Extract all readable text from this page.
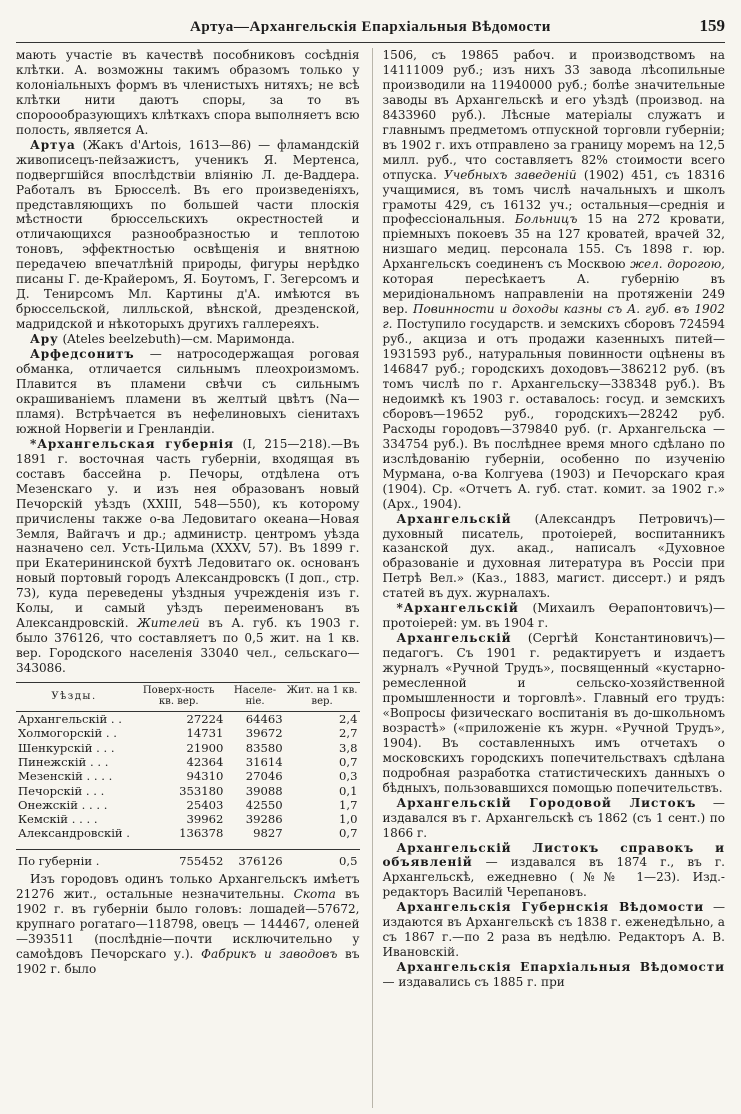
Артуа—Архангельскія Епархіальныя Вѣдомости	159

мають участіе въ качествѣ пособниковъ сосѣднія клѣтки. А. возможны такимъ образомъ только у колоніальныхъ формъ въ членистыхъ нитяхъ; не всѣ клѣтки нити даютъ споры, за то въ спороообразующихъ клѣткахъ спора выполняетъ всю полость, является А.

Артуа (Жакъ d'Artois, 1613—86) — фламандскій живописецъ-пейзажистъ, ученикъ Я. Мертенса, подвергшійся впослѣдствіи вліянію Л. де-Ваддера. Работалъ въ Брюсселѣ. Въ его произведеніяхъ, представляющихъ по большей части плоскія мѣстности брюссельскихъ окрестностей и отличающихся разнообразностью и теплотою тоновъ, эффектностью освѣщенія и внятною передачею впечатлѣній природы, фигуры нерѣдко писаны Г. де-Крайеромъ, Я. Боутомъ, Г. Зегерсомъ и Д. Тенирсомъ Мл. Картины д'А. имѣются въ брюссельской, лилльской, вѣнской, дрезденской, мадридской и нѣкоторыхъ другихъ галлереяхъ.

Ару (Ateles beelzebuth)—см. Маримонда.

Арфедсонитъ — натросодержащая роговая обманка, отличается сильнымъ плеохроизмомъ. Плавится въ пламени свѣчи съ сильнымъ окрашиваніемъ пламени въ желтый цвѣтъ (Na—пламя). Встрѣчается въ нефелиновыхъ сіенитахъ южной Норвегіи и Гренландіи.

*Архангельская губернія (I, 215—218).—Въ 1891 г. восточная часть губерніи, входящая въ составъ бассейна р. Печоры, отдѣлена отъ Мезенскаго у. и изъ нея образованъ новый Печорскій уѣздъ (XXIII, 548—550), къ которому причислены также о-ва Ледовитаго океана—Новая Земля, Вайгачъ и др.; администр. центромъ уѣзда назначено сел. Усть-Цильма (XXXV, 57). Въ 1899 г. при Екатерининской бухтѣ Ледовитаго ок. основанъ новый портовый городъ Александровскъ (I доп., стр. 73), куда переведены уѣздныя учрежденія изъ г. Колы, и самый уѣздъ переименованъ въ Александровскій. Жителей въ А. губ. къ 1903 г. было 376126, что составляетъ по 0,5 жит. на 1 кв. вер. Городского населенія 33040 чел., сельскаго—343086.

Уѣзды.	Поверх-ность кв. вер.	Населе-ніе.	Жит. на 1 кв. вер.
Архангельскій . .	27224	64463	2,4
Холмогорскій . .	14731	39672	2,7
Шенкурскій . . .	21900	83580	3,8
Пинежскій . . .	42364	31614	0,7
Мезенскій . . . .	94310	27046	0,3
Печорскій . . .	353180	39088	0,1
Онежскій . . . .	25403	42550	1,7
Кемскій . . . .	39962	39286	1,0
Александровскій .	136378	9827	0,7

По губерніи .	755452	376126	0,5

Изъ городовъ одинъ только Архангельскъ имѣетъ 21276 жит., остальные незначительны. Скота въ 1902 г. въ губерніи было головъ: лошадей—57672, крупнаго рогатаго—118798, овецъ — 144467, оленей—393511 (послѣдніе—почти исключительно у самоѣдовъ Печорскаго у.). Фабрикъ и заводовъ въ 1902 г. было

1506, съ 19865 рабоч. и производствомъ на 14111009 руб.; изъ нихъ 33 завода лѣсопильные производили на 11940000 руб.; болѣе значительные заводы въ Архангельскѣ и его уѣздѣ (производ. на 8433960 руб.). Лѣсные матеріалы служатъ и главнымъ предметомъ отпускной торговли губерніи; въ 1902 г. ихъ отправлено за границу моремъ на 12,5 милл. руб., что составляетъ 82% стоимости всего отпуска. Учебныхъ заведеній (1902) 451, съ 18316 учащимися, въ томъ числѣ начальныхъ и школъ грамоты 429, съ 16132 уч.; остальныя—среднія и профессіональныя. Больницъ 15 на 272 кровати, пріемныхъ покоевъ 35 на 127 кроватей, врачей 32, низшаго медиц. персонала 155. Съ 1898 г. юр. Архангельскъ соединенъ съ Москвою жел. дорогою, которая пересѣкаетъ А. губернію въ меридіональномъ направленіи на протяженіи 249 вер. Повинности и доходы казны съ А. губ. въ 1902 г. Поступило государств. и земскихъ сборовъ 724594 руб., акциза и отъ продажи казенныхъ питей—1931593 руб., натуральныя повинности оцѣнены въ 146847 руб.; городскихъ доходовъ—386212 руб. (въ томъ числѣ по г. Архангельску—338348 руб.). Въ недоимкѣ къ 1903 г. оставалось: госуд. и земскихъ сборовъ—19652 руб., городскихъ—28242 руб. Расходы городовъ—379840 руб. (г. Архангельска — 334754 руб.). Въ послѣднее время много сдѣлано по изслѣдованію губерніи, особенно по изученію Мурмана, о-ва Колгуева (1903) и Печорскаго края (1904). Ср. «Отчетъ А. губ. стат. комит. за 1902 г.» (Арх., 1904).

Архангельскій (Александръ Петровичъ)—духовный писатель, протоіерей, воспитанникъ казанской дух. акад., написалъ «Духовное образованіе и духовная литература въ Россіи при Петрѣ Вел.» (Каз., 1883, магист. диссерт.) и рядъ статей въ дух. журналахъ.

*Архангельскій (Михаилъ Ѳерапонтовичъ)—протоіерей: ум. въ 1904 г.

Архангельскій (Сергѣй Константиновичъ)—педагогъ. Съ 1901 г. редактируетъ и издаетъ журналъ «Ручной Трудъ», посвященный «кустарно-ремесленной и сельско-хозяйственной промышленности и торговлѣ». Главный его трудъ: «Вопросы физическаго воспитанія въ до-школьномъ возрастѣ» («приложеніе къ журн. «Ручной Трудъ», 1904). Въ составленныхъ имъ отчетахъ о московскихъ городскихъ попечительствахъ сдѣлана подробная разработка статистическихъ данныхъ о бѣдныхъ, пользовавшихся помощью попечительствъ.

Архангельскій Городовой Листокъ — издавался въ г. Архангельскѣ съ 1862 (съ 1 сент.) по 1866 г.

Архангельскій Листокъ справокъ и объявленій — издавался въ 1874 г., въ г. Архангельскѣ, ежедневно (№№ 1—23). Изд.-редакторъ Василій Черепановъ.

Архангельскія Губернскія Вѣдомости — издаются въ Архангельскѣ съ 1838 г. еженедѣльно, а съ 1867 г.—по 2 раза въ недѣлю. Редакторъ А. В. Ивановскій.

Архангельскія Епархіальныя Вѣдомости — издавались съ 1885 г. при
